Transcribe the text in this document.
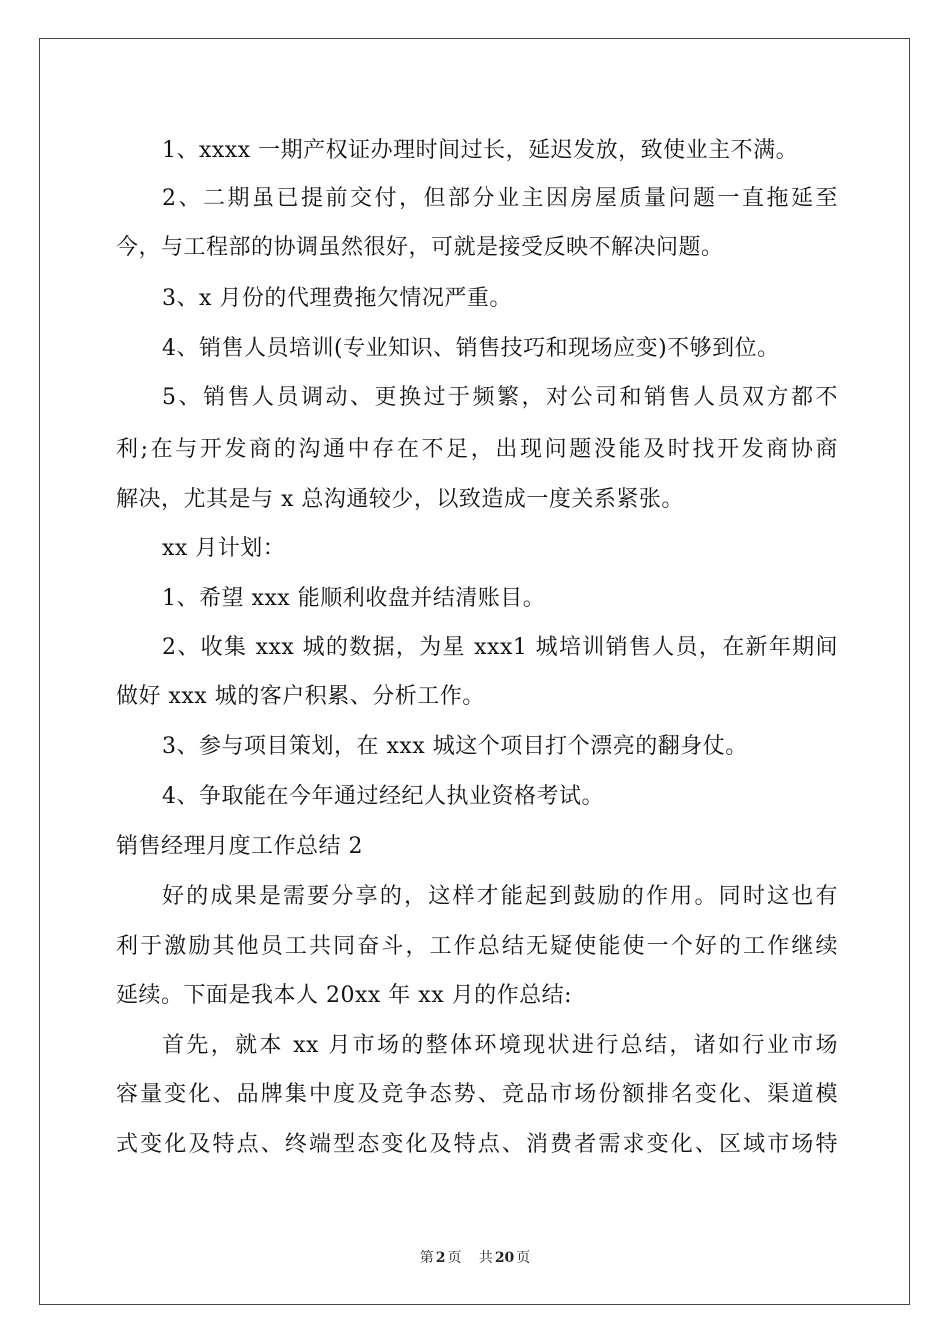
1、xxxx 一期产权证办理时间过长，延迟发放，致使业主不满。
2、二期虽已提前交付，但部分业主因房屋质量问题一直拖延至
今，与工程部的协调虽然很好，可就是接受反映不解决问题。
3、x 月份的代理费拖欠情况严重。
4、销售人员培训(专业知识、销售技巧和现场应变)不够到位。
5、销售人员调动、更换过于频繁，对公司和销售人员双方都不
利;在与开发商的沟通中存在不足，出现问题没能及时找开发商协商
解决，尤其是与 x 总沟通较少，以致造成一度关系紧张。
xx 月计划：
1、希望 xxx 能顺利收盘并结清账目。
2、收集 xxx 城的数据，为星 xxx1 城培训销售人员，在新年期间
做好 xxx 城的客户积累、分析工作。
3、参与项目策划，在 xxx 城这个项目打个漂亮的翻身仗。
4、争取能在今年通过经纪人执业资格考试。
销售经理月度工作总结 2
好的成果是需要分享的，这样才能起到鼓励的作用。同时这也有
利于激励其他员工共同奋斗，工作总结无疑使能使一个好的工作继续
延续。下面是我本人 20xx 年 xx 月的作总结:
首先，就本 xx 月市场的整体环境现状进行总结，诸如行业市场
容量变化、品牌集中度及竞争态势、竞品市场份额排名变化、渠道模
式变化及特点、终端型态变化及特点、消费者需求变化、区域市场特
第 2 页 共 20 页
